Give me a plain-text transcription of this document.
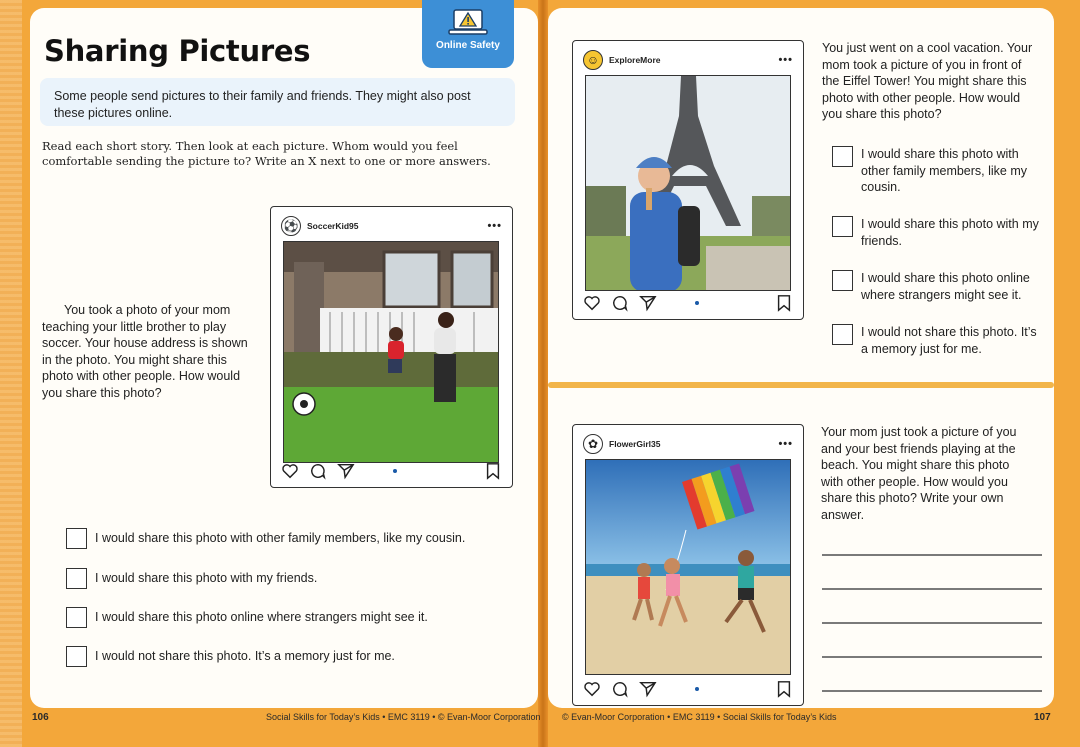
Sharing Pictures	Online Safety
Some people send pictures to their family and friends. They might also post these pictures online.
Read each short story. Then look at each picture. Whom would you feel comfortable sending the picture to? Write an X next to one or more answers.
You took a photo of your mom teaching your little brother to play soccer. Your house address is shown in the photo. You might share this photo with other people. How would you share this photo?
⚽ SoccerKid95	•••
I would share this photo with other family members, like my cousin.
I would share this photo with my friends.
I would share this photo online where strangers might see it.
I would not share this photo. It’s a memory just for me.
☺	ExploreMore	•••
You just went on a cool vacation. Your mom took a picture of you in front of the Eiffel Tower! You might share this photo with other people. How would you share this photo?
I would share this photo with other family members, like my cousin.
I would share this photo with my friends.
I would share this photo online where strangers might see it.
I would not share this photo. It’s a memory just for me.
✿	FlowerGirl35	•••
Your mom just took a picture of you and your best friends playing at the beach. You might share this photo with other people. How would you share this photo? Write your own answer.
106	Social Skills for Today’s Kids • EMC 3119 • © Evan-Moor Corporation © Evan-Moor Corporation • EMC 3119 • Social Skills for Today’s Kids	107
